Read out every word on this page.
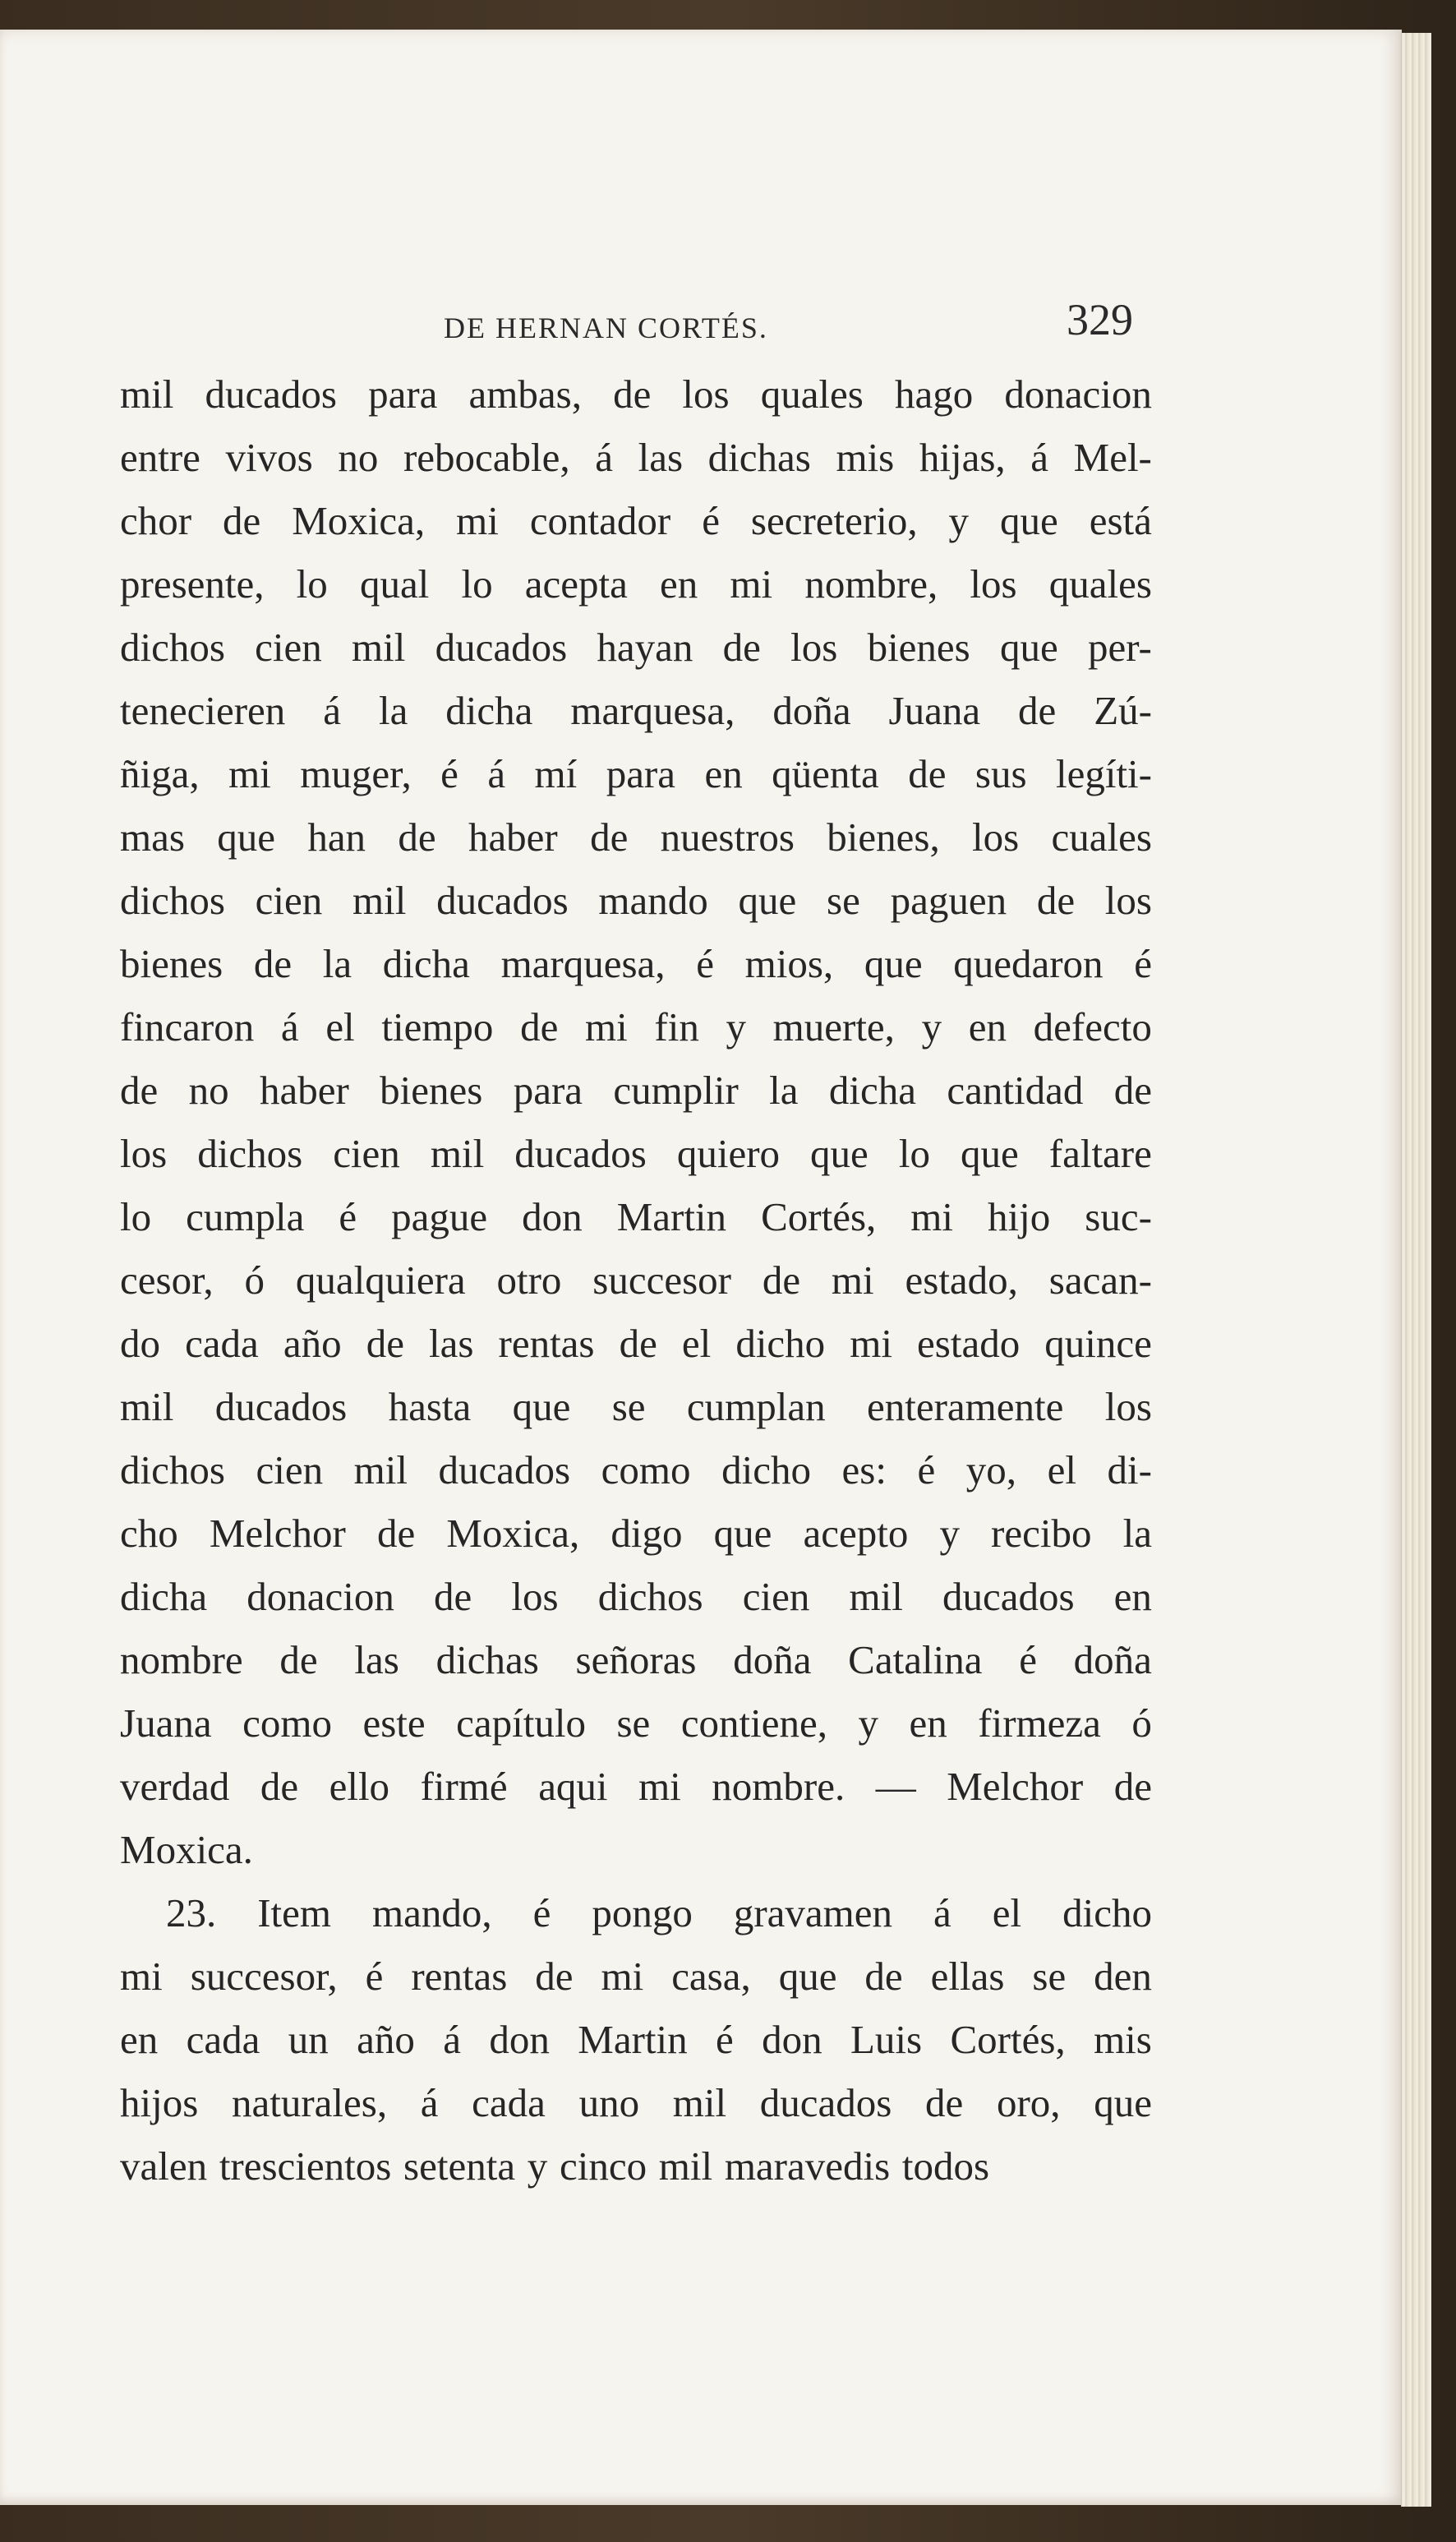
DE HERNAN CORTÉS.	329
mil ducados para ambas, de los quales hago donacion
entre vivos no rebocable, á las dichas mis hijas, á Mel-
chor de Moxica, mi contador é secreterio, y que está
presente, lo qual lo acepta en mi nombre, los quales
dichos cien mil ducados hayan de los bienes que per-
tenecieren á la dicha marquesa, doña Juana de Zú-
ñiga, mi muger, é á mí para en qüenta de sus legíti-
mas que han de haber de nuestros bienes, los cuales
dichos cien mil ducados mando que se paguen de los
bienes de la dicha marquesa, é mios, que quedaron é
fincaron á el tiempo de mi fin y muerte, y en defecto
de no haber bienes para cumplir la dicha cantidad de
los dichos cien mil ducados quiero que lo que faltare
lo cumpla é pague don Martin Cortés, mi hijo suc-
cesor, ó qualquiera otro succesor de mi estado, sacan-
do cada año de las rentas de el dicho mi estado quince
mil ducados hasta que se cumplan enteramente los
dichos cien mil ducados como dicho es: é yo, el di-
cho Melchor de Moxica, digo que acepto y recibo la
dicha donacion de los dichos cien mil ducados en
nombre de las dichas señoras doña Catalina é doña
Juana como este capítulo se contiene, y en firmeza ó
verdad de ello firmé aqui mi nombre. — Melchor de
Moxica.
23. Item mando, é pongo gravamen á el dicho
mi succesor, é rentas de mi casa, que de ellas se den
en cada un año á don Martin é don Luis Cortés, mis
hijos naturales, á cada uno mil ducados de oro, que
valen trescientos setenta y cinco mil maravedis todos
